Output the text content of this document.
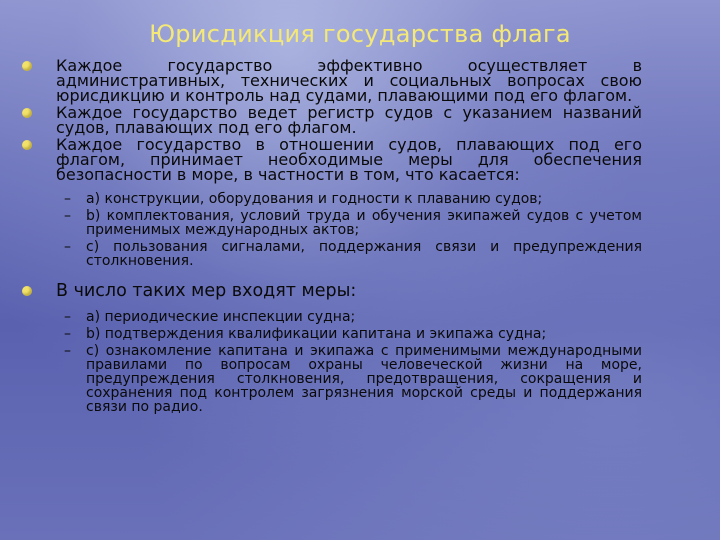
Юрисдикция государства флага
Каждое государство эффективно осуществляет в административных, технических и социальных вопросах свою юрисдикцию и контроль над судами, плавающими под его флагом.
Каждое государство ведет регистр судов с указанием названий судов, плавающих под его флагом.
Каждое государство в отношении судов, плавающих под его флагом, принимает необходимые меры для обеспечения безопасности в море, в частности в том, что касается:
– a) конструкции, оборудования и годности к плаванию судов;
– b) комплектования, условий труда и обучения экипажей судов с учетом применимых международных актов;
– c) пользования сигналами, поддержания связи и предупреждения столкновения.
В число таких мер входят меры:
– a) периодические инспекции судна;
– b) подтверждения квалификации капитана и экипажа судна;
– c) ознакомление капитана и экипажа с применимыми международными правилами по вопросам охраны человеческой жизни на море, предупреждения столкновения, предотвращения, сокращения и сохранения под контролем загрязнения морской среды и поддержания связи по радио.
